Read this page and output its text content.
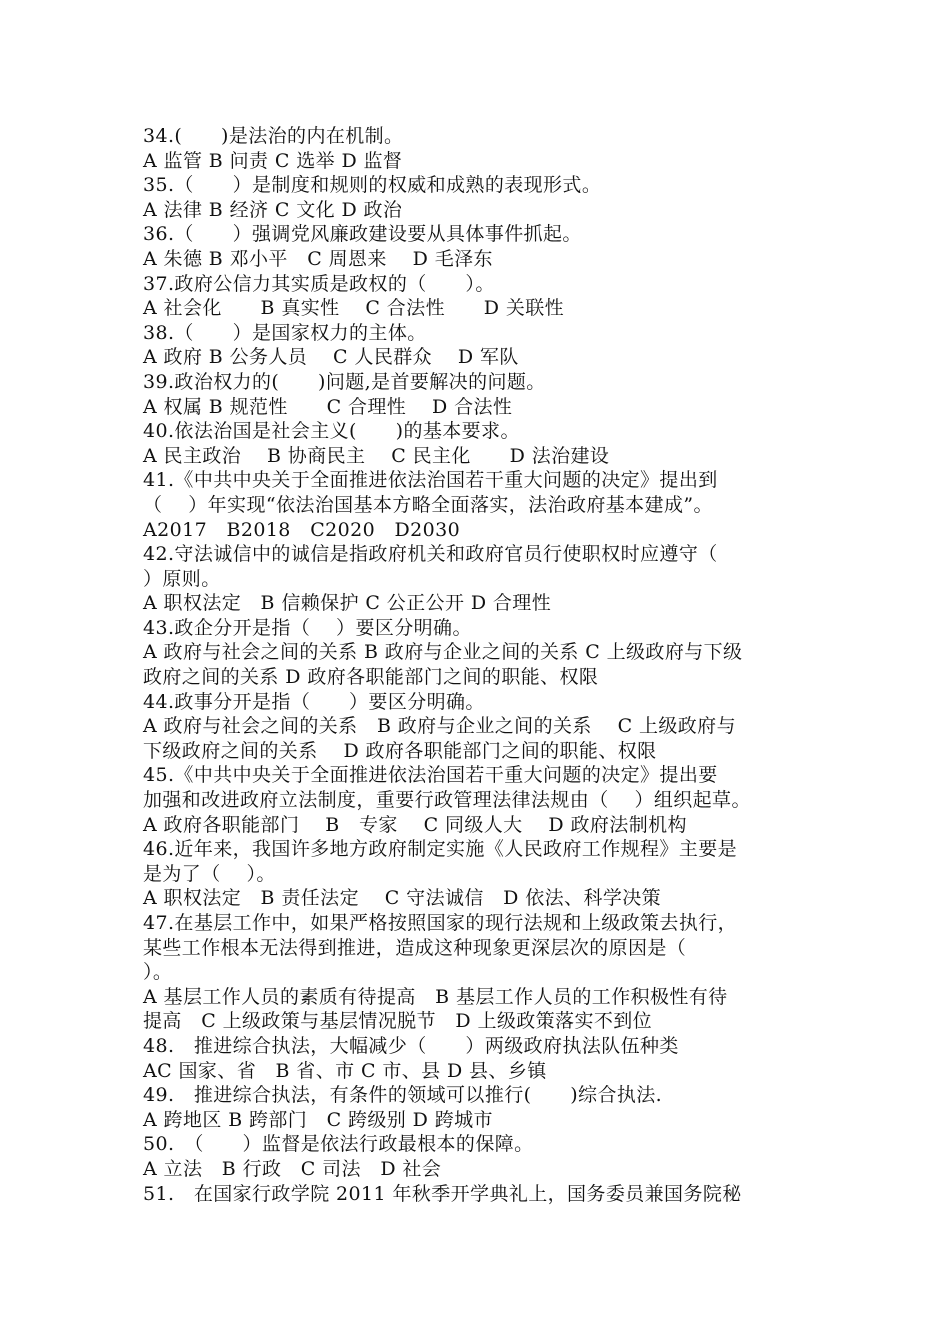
34.(　　)是法治的内在机制。
A 监管 B 问责 C 选举 D 监督
35.（　　）是制度和规则的权威和成熟的表现形式。
A 法律 B 经济 C 文化 D 政治
36.（　　）强调党风廉政建设要从具体事件抓起。
A 朱德 B 邓小平　C 周恩来　 D 毛泽东
37.政府公信力其实质是政权的（　　）。
A 社会化　　B 真实性　 C 合法性　　D 关联性
38.（　　）是国家权力的主体。
A 政府 B 公务人员　 C 人民群众　 D 军队
39.政治权力的(　　)问题,是首要解决的问题。
A 权属 B 规范性　　C 合理性　 D 合法性
40.依法治国是社会主义(　　)的基本要求。
A 民主政治　 B 协商民主　 C 民主化　　D 法治建设
41.《中共中央关于全面推进依法治国若干重大问题的决定》提出到
（　 ）年实现“依法治国基本方略全面落实，法治政府基本建成”。
A2017　B2018　C2020　D2030
42.守法诚信中的诚信是指政府机关和政府官员行使职权时应遵守（
）原则。
A 职权法定　B 信赖保护 C 公正公开 D 合理性
43.政企分开是指（　 ）要区分明确。
A 政府与社会之间的关系 B 政府与企业之间的关系 C 上级政府与下级
政府之间的关系 D 政府各职能部门之间的职能、权限
44.政事分开是指（　　）要区分明确。
A 政府与社会之间的关系　B 政府与企业之间的关系　 C 上级政府与
下级政府之间的关系　 D 政府各职能部门之间的职能、权限
45.《中共中央关于全面推进依法治国若干重大问题的决定》提出要
加强和改进政府立法制度，重要行政管理法律法规由（　 ）组织起草。
A 政府各职能部门　 B　专家　 C 同级人大　 D 政府法制机构
46.近年来，我国许多地方政府制定实施《人民政府工作规程》主要是
是为了（　 ）。
A 职权法定　B 责任法定　 C 守法诚信　D 依法、科学决策
47.在基层工作中，如果严格按照国家的现行法规和上级政策去执行，
某些工作根本无法得到推进，造成这种现象更深层次的原因是（
）。
A 基层工作人员的素质有待提高　B 基层工作人员的工作积极性有待
提高　C 上级政策与基层情况脱节　D 上级政策落实不到位
48.　推进综合执法，大幅减少（　　）两级政府执法队伍种类
AC 国家、省　B 省、市 C 市、县 D 县、乡镇
49.　推进综合执法，有条件的领域可以推行(　　)综合执法.
A 跨地区 B 跨部门　C 跨级别 D 跨城市
50.　（　　）监督是依法行政最根本的保障。
A 立法　B 行政　C 司法　D 社会
51.　在国家行政学院 2011 年秋季开学典礼上，国务委员兼国务院秘
